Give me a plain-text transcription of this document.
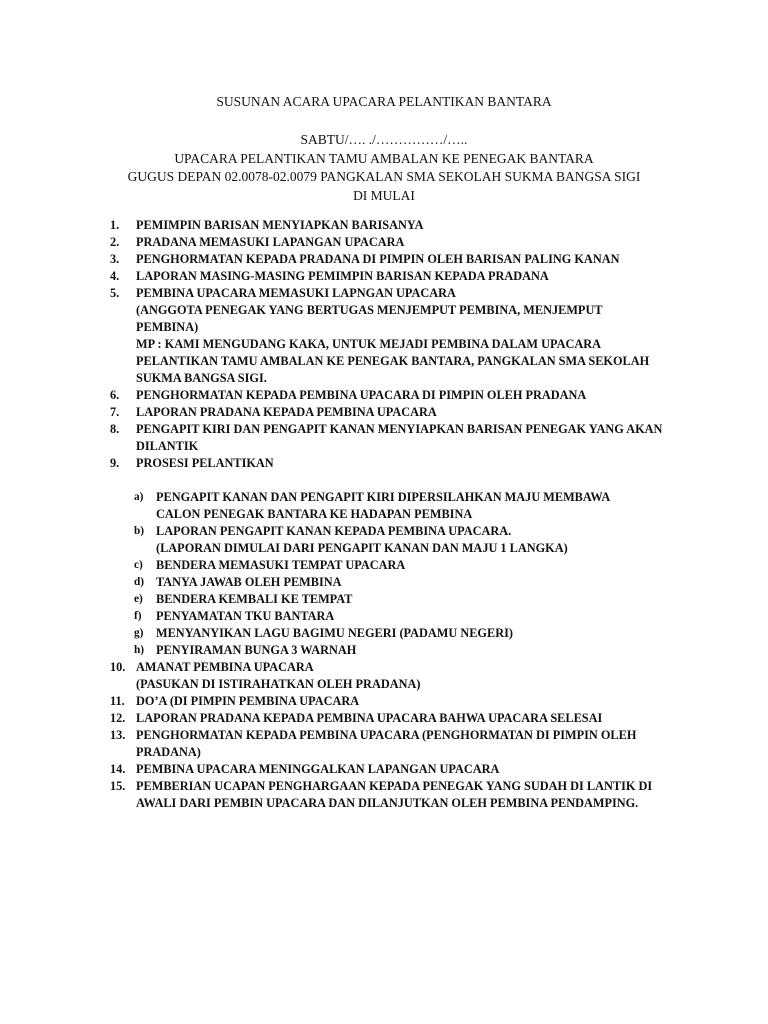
SUSUNAN ACARA UPACARA PELANTIKAN BANTARA
SABTU/…. ./……………/…..
UPACARA PELANTIKAN TAMU AMBALAN KE PENEGAK BANTARA
GUGUS DEPAN 02.0078-02.0079 PANGKALAN SMA SEKOLAH SUKMA BANGSA SIGI
DI MULAI
1. PEMIMPIN BARISAN MENYIAPKAN BARISANYA
2. PRADANA MEMASUKI LAPANGAN UPACARA
3. PENGHORMATAN KEPADA PRADANA DI PIMPIN OLEH BARISAN PALING KANAN
4. LAPORAN MASING-MASING PEMIMPIN BARISAN KEPADA PRADANA
5. PEMBINA UPACARA MEMASUKI LAPNGAN UPACARA
(ANGGOTA PENEGAK YANG BERTUGAS MENJEMPUT PEMBINA, MENJEMPUT
PEMBINA)
MP : KAMI MENGUDANG KAKA, UNTUK MEJADI PEMBINA DALAM UPACARA
PELANTIKAN TAMU AMBALAN KE PENEGAK BANTARA, PANGKALAN SMA SEKOLAH
SUKMA BANGSA SIGI.
6. PENGHORMATAN KEPADA PEMBINA UPACARA DI PIMPIN OLEH PRADANA
7. LAPORAN PRADANA KEPADA PEMBINA UPACARA
8. PENGAPIT KIRI DAN PENGAPIT KANAN MENYIAPKAN BARISAN PENEGAK YANG AKAN
DILANTIK
9. PROSESI PELANTIKAN
a) PENGAPIT KANAN DAN PENGAPIT KIRI DIPERSILAHKAN MAJU MEMBAWA
CALON PENEGAK BANTARA KE HADAPAN PEMBINA
b) LAPORAN PENGAPIT KANAN KEPADA PEMBINA UPACARA.
(LAPORAN DIMULAI DARI PENGAPIT KANAN DAN MAJU 1 LANGKA)
c) BENDERA MEMASUKI TEMPAT UPACARA
d) TANYA JAWAB OLEH PEMBINA
e) BENDERA KEMBALI KE TEMPAT
f) PENYAMATAN TKU BANTARA
g) MENYANYIKAN LAGU BAGIMU NEGERI (PADAMU NEGERI)
h) PENYIRAMAN BUNGA 3 WARNAH
10. AMANAT PEMBINA UPACARA
(PASUKAN DI ISTIRAHATKAN OLEH PRADANA)
11. DO’A (DI PIMPIN PEMBINA UPACARA
12. LAPORAN PRADANA KEPADA PEMBINA UPACARA BAHWA UPACARA SELESAI
13. PENGHORMATAN KEPADA PEMBINA UPACARA (PENGHORMATAN DI PIMPIN OLEH
PRADANA)
14. PEMBINA UPACARA MENINGGALKAN LAPANGAN UPACARA
15. PEMBERIAN UCAPAN PENGHARGAAN KEPADA PENEGAK YANG SUDAH DI LANTIK DI
AWALI DARI PEMBIN UPACARA DAN DILANJUTKAN OLEH PEMBINA PENDAMPING.
